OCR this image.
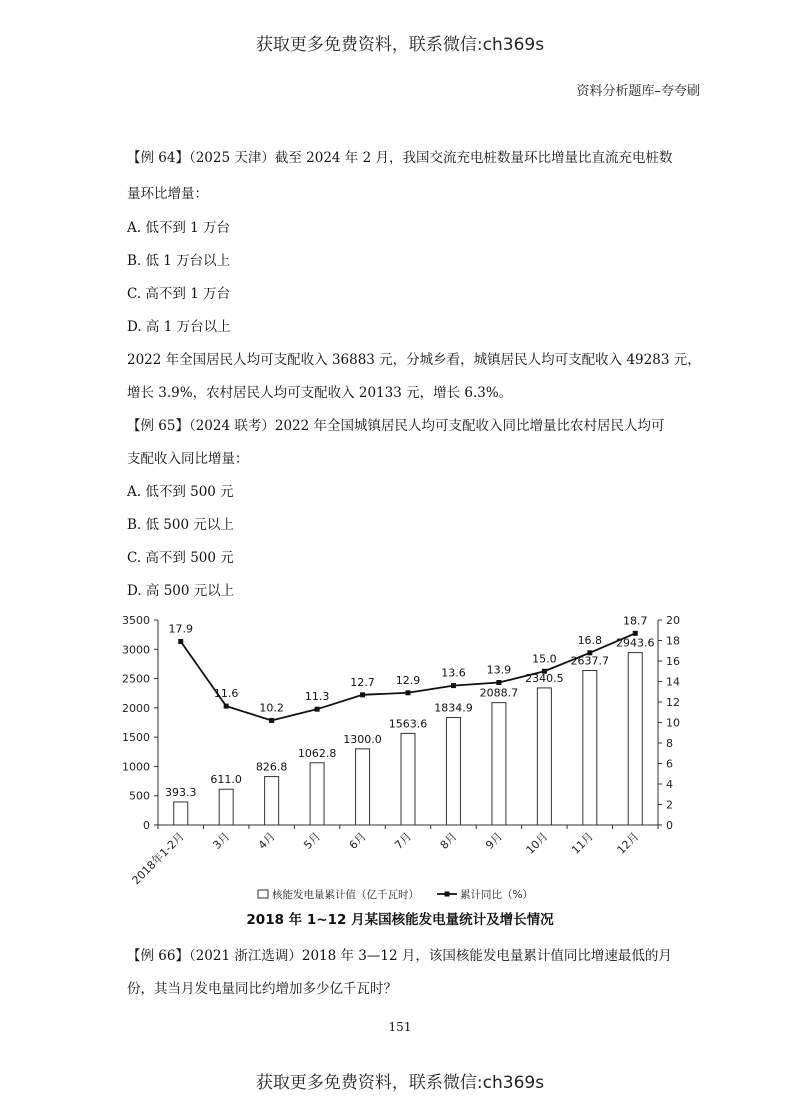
获取更多免费资料，联系微信:ch369s
资料分析题库–夸夸刷
【例 64】（2025 天津）截至 2024 年 2 月，我国交流充电桩数量环比增量比直流充电桩数
量环比增量：
A. 低不到 1 万台
B. 低 1 万台以上
C. 高不到 1 万台
D. 高 1 万台以上
2022 年全国居民人均可支配收入 36883 元，分城乡看，城镇居民人均可支配收入 49283 元，
增长 3.9%，农村居民人均可支配收入 20133 元，增长 6.3%。
【例 65】（2024 联考）2022 年全国城镇居民人均可支配收入同比增量比农村居民人均可
支配收入同比增量：
A. 低不到 500 元
B. 低 500 元以上
C. 高不到 500 元
D. 高 500 元以上
0
500
1000
1500
2000
2500
3000
3500
0
2
4
6
8
10
12
14
16
18
20
2018年1-2月 3月 4月 5月 6月 7月 8月 9月 10月 11月 12月
393.3
611.0
826.8
1062.8
1300.0
1563.6
1834.9
2088.7
2340.5
2637.7
2943.6
17.9
11.6
10.2
11.3
12.7 12.9
13.6 13.9
15.0
16.8
18.7
核能发电量累计值（亿千瓦时）	累计同比（%）
2018 年 1~12 月某国核能发电量统计及增长情况
【例 66】（2021 浙江选调）2018 年 3—12 月，该国核能发电量累计值同比增速最低的月
份，其当月发电量同比约增加多少亿千瓦时？
151
获取更多免费资料，联系微信:ch369s
